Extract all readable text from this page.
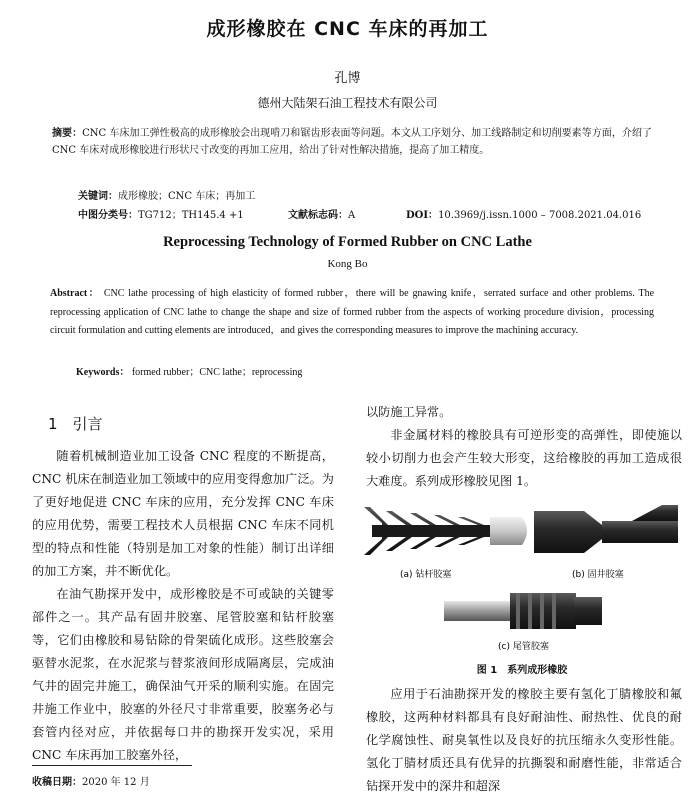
成形橡胶在 CNC 车床的再加工
孔博
德州大陆架石油工程技术有限公司
摘要：CNC 车床加工弹性极高的成形橡胶会出现啃刀和锯齿形表面等问题。本文从工序划分、加工线路制定和切削要素等方面，介绍了 CNC 车床对成形橡胶进行形状尺寸改变的再加工应用，给出了针对性解决措施，提高了加工精度。
关键词：成形橡胶；CNC 车床；再加工
中图分类号：TG712；TH145.4 +1	文献标志码：A	DOI：10.3969/j.issn.1000 – 7008.2021.04.016
Reprocessing Technology of Formed Rubber on CNC Lathe
Kong Bo
Abstract： CNC lathe processing of high elasticity of formed rubber，there will be gnawing knife，serrated surface and other problems. The reprocessing application of CNC lathe to change the shape and size of formed rubber from the aspects of working procedure division，processing circuit formulation and cutting elements are introduced，and gives the corresponding measures to improve the machining accuracy.
Keywords： formed rubber；CNC lathe；reprocessing
1　引言

随着机械制造业加工设备 CNC 程度的不断提高，CNC 机床在制造业加工领域中的应用变得愈加广泛。为了更好地促进 CNC 车床的应用，充分发挥 CNC 车床的应用优势，需要工程技术人员根据 CNC 车床不同机型的特点和性能（特别是加工对象的性能）制订出详细的加工方案，并不断优化。

在油气勘探开发中，成形橡胶是不可或缺的关键零部件之一。其产品有固井胶塞、尾管胶塞和钻杆胶塞等，它们由橡胶和易钻除的骨架硫化成形。这些胶塞会驱替水泥浆，在水泥浆与替浆液间形成隔离层，完成油气井的固完井施工，确保油气开采的顺利实施。在固完井施工作业中，胶塞的外径尺寸非常重要，胶塞务必与套管内径对应，并依据每口井的勘探开发实况，采用 CNC 车床再加工胶塞外径，

以防施工异常。

非金属材料的橡胶具有可逆形变的高弹性，即使施以较小切削力也会产生较大形变，这给橡胶的再加工造成很大难度。系列成形橡胶见图 1。

(a) 钻杆胶塞	(b) 固井胶塞
(c) 尾管胶塞
图 1　系列成形橡胶

应用于石油勘探开发的橡胶主要有氢化丁腈橡胶和氟橡胶，这两种材料都具有良好耐油性、耐热性、优良的耐化学腐蚀性、耐臭氧性以及良好的抗压缩永久变形性能。氢化丁腈材质还具有优异的抗撕裂和耐磨性能，非常适合钻探开发中的深井和超深

收稿日期：2020 年 12 月
